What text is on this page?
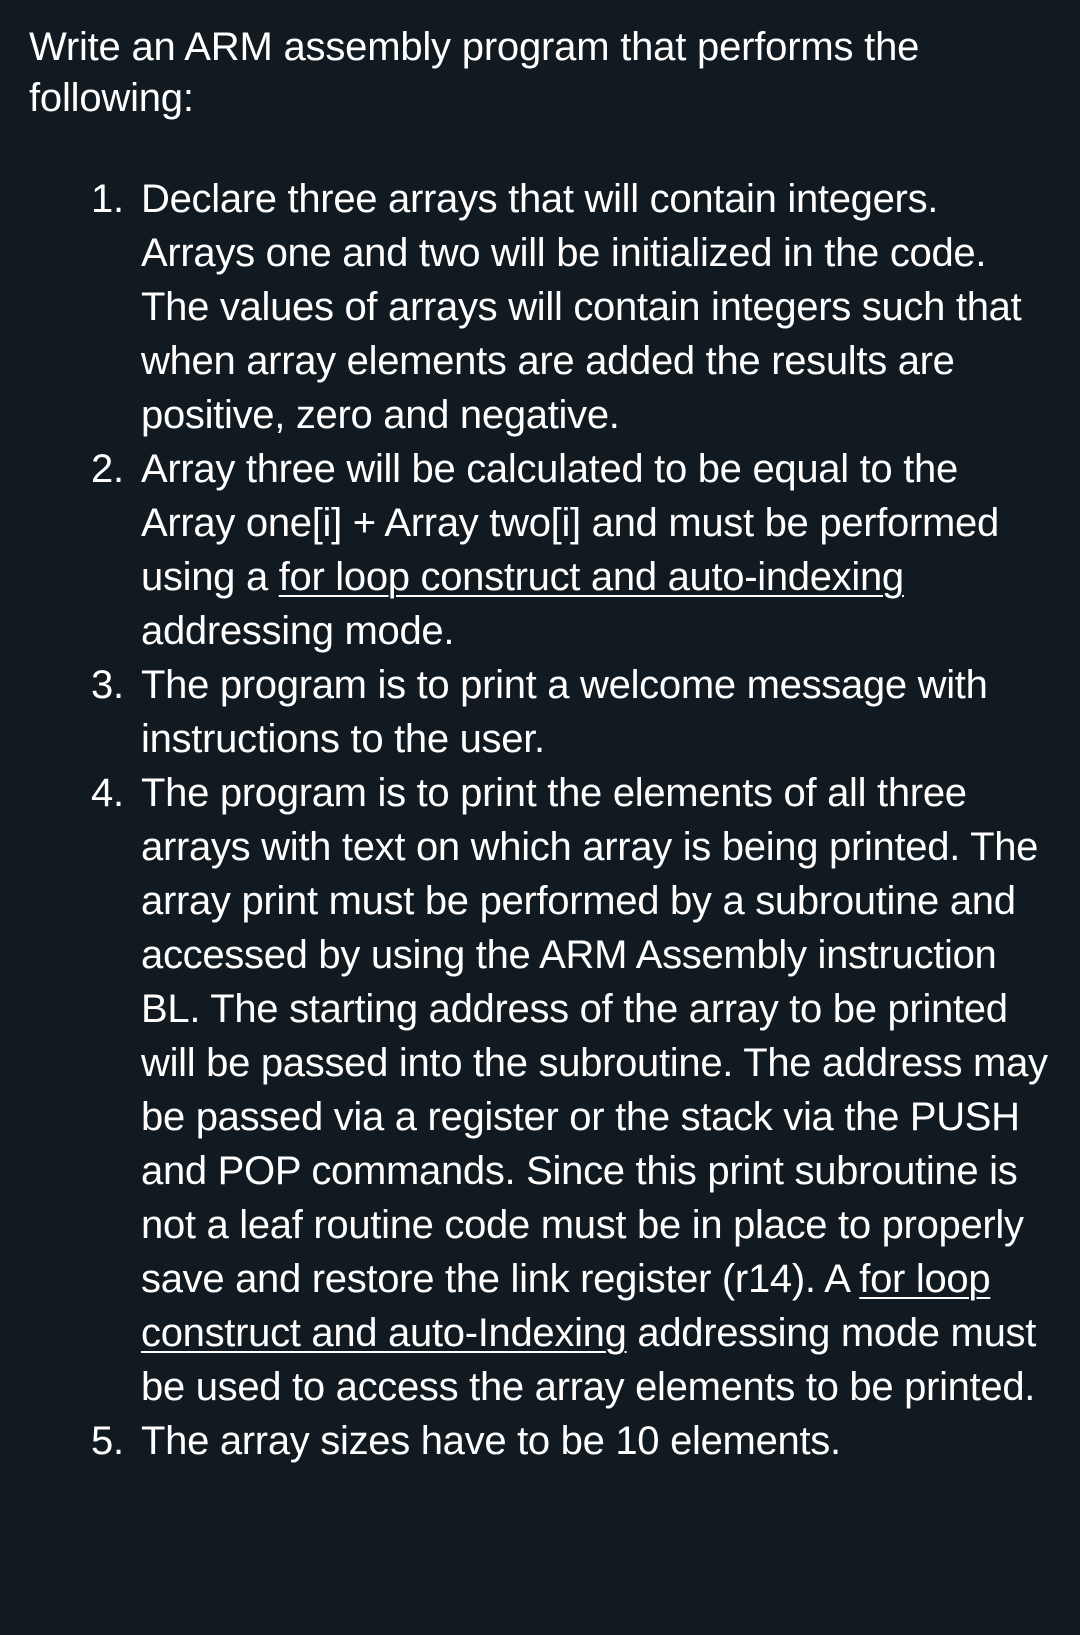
Write an ARM assembly program that performs the following:

1. Declare three arrays that will contain integers. Arrays one and two will be initialized in the code. The values of arrays will contain integers such that when array elements are added the results are positive, zero and negative.
2. Array three will be calculated to be equal to the Array one[i] + Array two[i] and must be performed using a for loop construct and auto-indexing addressing mode.
3. The program is to print a welcome message with instructions to the user.
4. The program is to print the elements of all three arrays with text on which array is being printed. The array print must be performed by a subroutine and accessed by using the ARM Assembly instruction BL. The starting address of the array to be printed will be passed into the subroutine. The address may be passed via a register or the stack via the PUSH and POP commands. Since this print subroutine is not a leaf routine code must be in place to properly save and restore the link register (r14). A for loop construct and auto-Indexing addressing mode must be used to access the array elements to be printed.
5. The array sizes have to be 10 elements.
